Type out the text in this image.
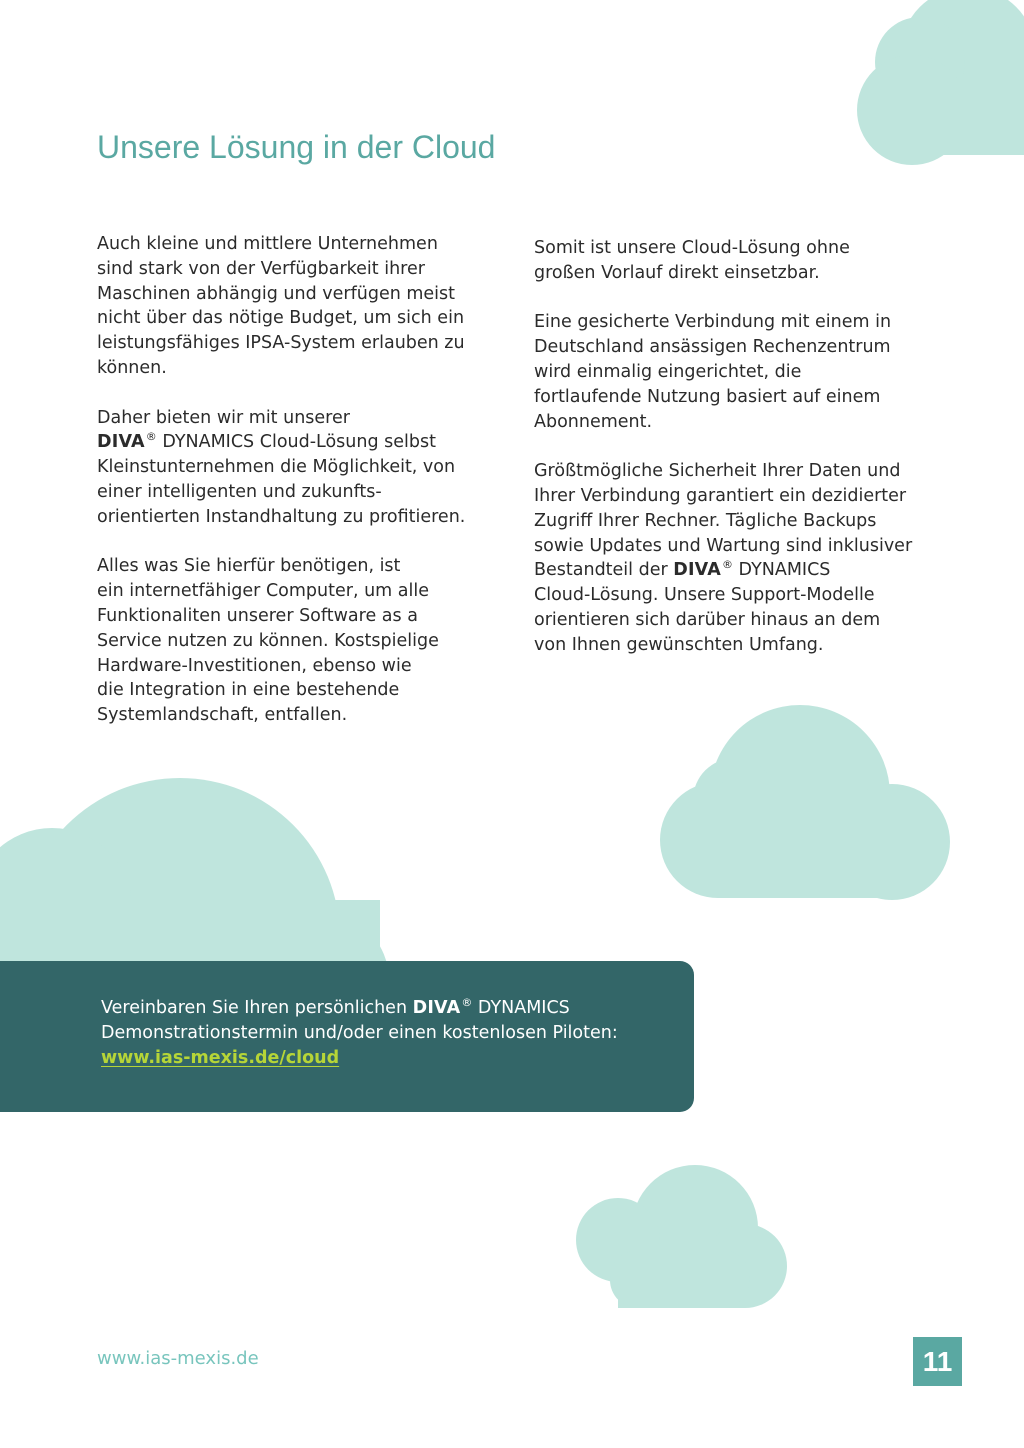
Unsere Lösung in der Cloud

Auch kleine und mittlere Unternehmen
sind stark von der Verfügbarkeit ihrer
Maschinen abhängig und verfügen meist
nicht über das nötige Budget, um sich ein
leistungsfähiges IPSA-System erlauben zu
können.

Daher bieten wir mit unserer
DIVA® DYNAMICS Cloud-Lösung selbst
Kleinstunternehmen die Möglichkeit, von
einer intelligenten und zukunfts-
orientierten Instandhaltung zu profitieren.

Alles was Sie hierfür benötigen, ist
ein internetfähiger Computer, um alle
Funktionaliten unserer Software as a
Service nutzen zu können. Kostspielige
Hardware-Investitionen, ebenso wie
die Integration in eine bestehende
Systemlandschaft, entfallen.

Somit ist unsere Cloud-Lösung ohne
großen Vorlauf direkt einsetzbar.

Eine gesicherte Verbindung mit einem in
Deutschland ansässigen Rechenzentrum
wird einmalig eingerichtet, die
fortlaufende Nutzung basiert auf einem
Abonnement.

Größtmögliche Sicherheit Ihrer Daten und
Ihrer Verbindung garantiert ein dezidierter
Zugriff Ihrer Rechner. Tägliche Backups
sowie Updates und Wartung sind inklusiver
Bestandteil der DIVA® DYNAMICS
Cloud-Lösung. Unsere Support-Modelle
orientieren sich darüber hinaus an dem
von Ihnen gewünschten Umfang.

Vereinbaren Sie Ihren persönlichen DIVA® DYNAMICS
Demonstrationstermin und/oder einen kostenlosen Piloten:
www.ias-mexis.de/cloud
www.ias-mexis.de	11
